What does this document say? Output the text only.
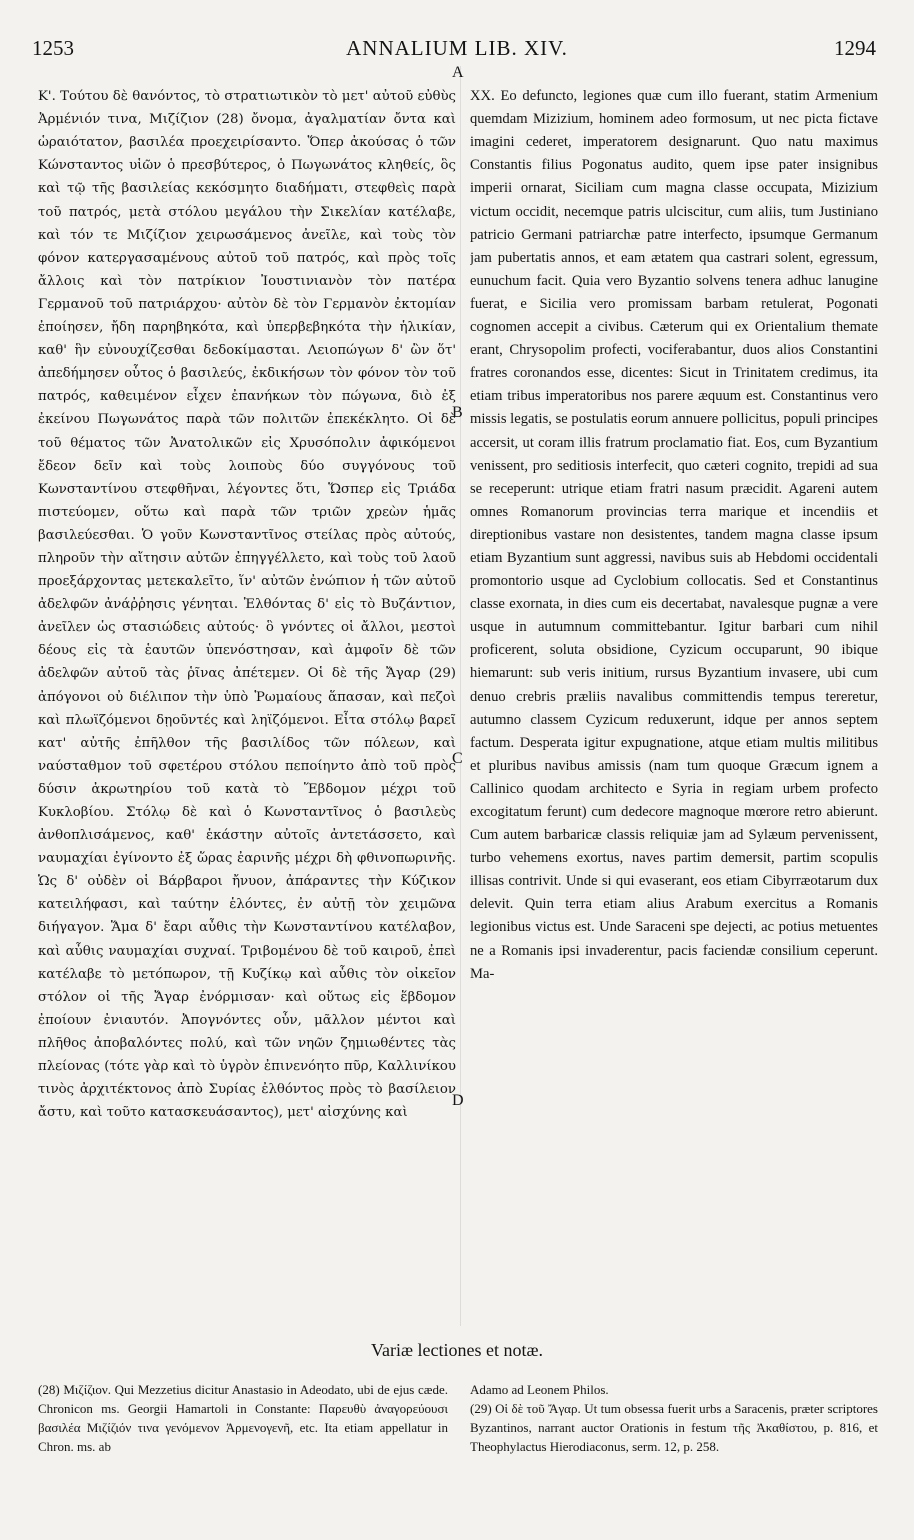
1253	ANNALIUM LIB. XIV.	1294

Κ'. Τούτου δὲ θανόντος, τὸ στρατιωτικὸν τὸ μετ' αὐτοῦ εὐθὺς Ἀρμένιόν τινα, Μιζίζιον (28) ὄνομα, ἀγαλματίαν ὄντα καὶ ὡραιότατον, βασιλέα προεχειρίσαντο. Ὅπερ ἀκούσας ὁ τῶν Κώνσταντος υἱῶν ὁ πρεσβύτερος, ὁ Πωγωνάτος κληθείς, ὃς καὶ τῷ τῆς βασιλείας κεκόσμητο διαδήματι, στεφθεὶς παρὰ τοῦ πατρός, μετὰ στόλου μεγάλου τὴν Σικελίαν κατέλαβε, καὶ τόν τε Μιζίζιον χειρωσάμενος ἀνεῖλε, καὶ τοὺς τὸν φόνον κατεργασαμένους αὐτοῦ τοῦ πατρός, καὶ πρὸς τοῖς ἄλλοις καὶ τὸν πατρίκιον Ἰουστινιανὸν τὸν πατέρα Γερμανοῦ τοῦ πατριάρχου· αὐτὸν δὲ τὸν Γερμανὸν ἐκτομίαν ἐποίησεν, ἤδη παρηβηκότα, καὶ ὑπερβεβηκότα τὴν ἡλικίαν, καθ' ἣν εὐνουχίζεσθαι δεδοκίμασται. Λειοπώγων δ' ὢν ὅτ' ἀπεδήμησεν οὗτος ὁ βασιλεύς, ἐκδικήσων τὸν φόνον τὸν τοῦ πατρός, καθειμένον εἶχεν ἐπανήκων τὸν πώγωνα, διὸ ἐξ ἐκείνου Πωγωνάτος παρὰ τῶν πολιτῶν ἐπεκέκλητο. Οἱ δὲ τοῦ θέματος τῶν Ἀνατολικῶν εἰς Χρυσόπολιν ἀφικόμενοι ἔδεον δεῖν καὶ τοὺς λοιποὺς δύο συγγόνους τοῦ Κωνσταντίνου στεφθῆναι, λέγοντες ὅτι, Ὥσπερ εἰς Τριάδα πιστεύομεν, οὕτω καὶ παρὰ τῶν τριῶν χρεὼν ἡμᾶς βασιλεύεσθαι. Ὁ γοῦν Κωνσταντῖνος στείλας πρὸς αὐτούς, πληροῦν τὴν αἴτησιν αὐτῶν ἐπηγγέλλετο, καὶ τοὺς τοῦ λαοῦ προεξάρχοντας μετεκαλεῖτο, ἵν' αὐτῶν ἐνώπιον ἡ τῶν αὐτοῦ ἀδελφῶν ἀνάῤῥησις γένηται. Ἐλθόντας δ' εἰς τὸ Βυζάντιον, ἀνεῖλεν ὡς στασιώδεις αὐτούς· ὃ γνόντες οἱ ἄλλοι, μεστοὶ δέους εἰς τὰ ἑαυτῶν ὑπενόστησαν, καὶ ἀμφοῖν δὲ τῶν ἀδελφῶν αὐτοῦ τὰς ῥῖνας ἀπέτεμεν. Οἱ δὲ τῆς Ἄγαρ (29) ἀπόγονοι οὐ διέλιπον τὴν ὑπὸ Ῥωμαίους ἅπασαν, καὶ πεζοὶ καὶ πλωϊζόμενοι δῃοῦντές καὶ ληϊζόμενοι. Εἶτα στόλῳ βαρεῖ κατ' αὐτῆς ἐπῆλθον τῆς βασιλίδος τῶν πόλεων, καὶ ναύσταθμον τοῦ σφετέρου στόλου πεποίηντο ἀπὸ τοῦ πρὸς δύσιν ἀκρωτηρίου τοῦ κατὰ τὸ Ἕβδομον μέχρι τοῦ Κυκλοβίου. Στόλῳ δὲ καὶ ὁ Κωνσταντῖνος ὁ βασιλεὺς ἀνθοπλισάμενος, καθ' ἑκάστην αὐτοῖς ἀντετάσσετο, καὶ ναυμαχίαι ἐγίνοντο ἐξ ὥρας ἐαρινῆς μέχρι δὴ φθινοπωρινῆς. Ὡς δ' οὐδὲν οἱ Βάρβαροι ἤνυον, ἀπάραντες τὴν Κύζικον κατειλήφασι, καὶ ταύτην ἑλόντες, ἐν αὐτῇ τὸν χειμῶνα διήγαγον. Ἅμα δ' ἔαρι αὖθις τὴν Κωνσταντίνου κατέλαβον, καὶ αὖθις ναυμαχίαι συχναί. Τριβομένου δὲ τοῦ καιροῦ, ἐπεὶ κατέλαβε τὸ μετόπωρον, τῇ Κυζίκῳ καὶ αὖθις τὸν οἰκεῖον στόλον οἱ τῆς Ἄγαρ ἐνόρμισαν· καὶ οὕτως εἰς ἕβδομον ἐποίουν ἐνιαυτόν. Ἀπογνόντες οὖν, μᾶλλον μέντοι καὶ πλῆθος ἀποβαλόντες πολύ, καὶ τῶν νηῶν ζημιωθέντες τὰς πλείονας (τότε γὰρ καὶ τὸ ὑγρὸν ἐπινενόητο πῦρ, Καλλινίκου τινὸς ἀρχιτέκτονος ἀπὸ Συρίας ἐλθόντος πρὸς τὸ βασίλειον ἄστυ, καὶ τοῦτο κατασκευάσαντος), μετ' αἰσχύνης καὶ

A
B
C
D

XX. Eo defuncto, legiones quæ cum illo fuerant, statim Armenium quemdam Mizizium, hominem adeo formosum, ut nec picta fictave imagini cederet, imperatorem designarunt. Quo natu maximus Constantis filius Pogonatus audito, quem ipse pater insignibus imperii ornarat, Siciliam cum magna classe occupata, Mizizium victum occidit, necemque patris ulciscitur, cum aliis, tum Justiniano patricio Germani patriarchæ patre interfecto, ipsumque Germanum jam pubertatis annos, et eam ætatem qua castrari solent, egressum, eunuchum facit. Quia vero Byzantio solvens tenera adhuc lanugine fuerat, e Sicilia vero promissam barbam retulerat, Pogonati cognomen accepit a civibus. Cæterum qui ex Orientalium themate erant, Chrysopolim profecti, vociferabantur, duos alios Constantini fratres coronandos esse, dicentes: Sicut in Trinitatem credimus, ita etiam tribus imperatoribus nos parere æquum est. Constantinus vero missis legatis, se postulatis eorum annuere pollicitus, populi principes accersit, ut coram illis fratrum proclamatio fiat. Eos, cum Byzantium venissent, pro seditiosis interfecit, quo cæteri cognito, trepidi ad sua se receperunt: utrique etiam fratri nasum præcidit. Agareni autem omnes Romanorum provincias terra marique et incendiis et direptionibus vastare non desistentes, tandem magna classe ipsum etiam Byzantium sunt aggressi, navibus suis ab Hebdomi occidentali promontorio usque ad Cyclobium collocatis. Sed et Constantinus classe exornata, in dies cum eis decertabat, navalesque pugnæ a vere usque in autumnum committebantur. Igitur barbari cum nihil proficerent, soluta obsidione, Cyzicum occuparunt, 90 ibique hiemarunt: sub veris initium, rursus Byzantium invasere, ubi cum denuo crebris præliis navalibus committendis tempus tereretur, autumno classem Cyzicum reduxerunt, idque per annos septem factum. Desperata igitur expugnatione, atque etiam multis militibus et pluribus navibus amissis (nam tum quoque Græcum ignem a Callinico quodam architecto e Syria in regiam urbem profecto excogitatum ferunt) cum dedecore magnoque mœrore retro abierunt. Cum autem barbaricæ classis reliquiæ jam ad Sylæum pervenissent, turbo vehemens exortus, naves partim demersit, partim scopulis illisas contrivit. Unde si qui evaserant, eos etiam Cibyrræotarum dux delevit. Quin terra etiam alius Arabum exercitus a Romanis legionibus victus est. Unde Saraceni spe dejecti, ac potius metuentes ne a Romanis ipsi invaderentur, pacis faciendæ consilium ceperunt. Ma-

Variæ lectiones et notæ.
(28) Μιζίζιον. Qui Mezzetius dicitur Anastasio in Adeodato, ubi de ejus cæde. Chronicon ms. Georgii Hamartoli in Constante: Παρευθὺ ἀναγορεύουσι βασιλέα Μιζίζιόν τινα γενόμενον Ἀρμενογενῆ, etc. Ita etiam appellatur in Chron. ms. ab
Adamo ad Leonem Philos.
(29) Οἱ δὲ τοῦ Ἄγαρ. Ut tum obsessa fuerit urbs a Saracenis, præter scriptores Byzantinos, narrant auctor Orationis in festum τῆς Ἀκαθίστου, p. 816, et Theophylactus Hierodiaconus, serm. 12, p. 258.
